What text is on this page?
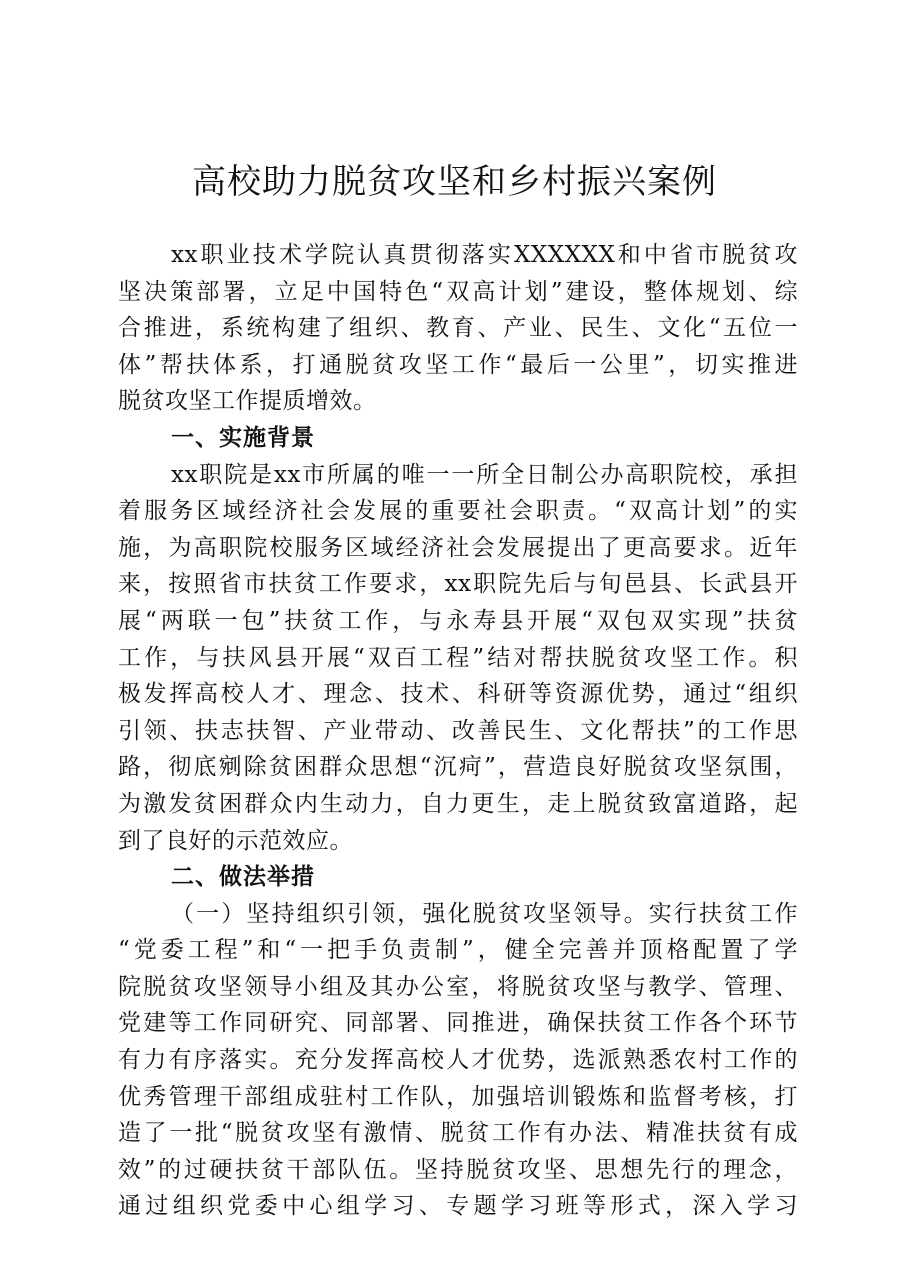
高校助力脱贫攻坚和乡村振兴案例
xx职业技术学院认真贯彻落实XXXXXX和中省市脱贫攻
坚决策部署，立足中国特色“双高计划”建设，整体规划、综
合推进，系统构建了组织、教育、产业、民生、文化“五位一
体”帮扶体系，打通脱贫攻坚工作“最后一公里”，切实推进
脱贫攻坚工作提质增效。
一、实施背景
xx职院是xx市所属的唯一一所全日制公办高职院校，承担
着服务区域经济社会发展的重要社会职责。“双高计划”的实
施，为高职院校服务区域经济社会发展提出了更高要求。近年
来，按照省市扶贫工作要求，xx职院先后与旬邑县、长武县开
展“两联一包”扶贫工作，与永寿县开展“双包双实现”扶贫
工作，与扶风县开展“双百工程”结对帮扶脱贫攻坚工作。积
极发挥高校人才、理念、技术、科研等资源优势，通过“组织
引领、扶志扶智、产业带动、改善民生、文化帮扶”的工作思
路，彻底剜除贫困群众思想“沉疴”，营造良好脱贫攻坚氛围，
为激发贫困群众内生动力，自力更生，走上脱贫致富道路，起
到了良好的示范效应。
二、做法举措
（一）坚持组织引领，强化脱贫攻坚领导。实行扶贫工作
“党委工程”和“一把手负责制”，健全完善并顶格配置了学
院脱贫攻坚领导小组及其办公室，将脱贫攻坚与教学、管理、
党建等工作同研究、同部署、同推进，确保扶贫工作各个环节
有力有序落实。充分发挥高校人才优势，选派熟悉农村工作的
优秀管理干部组成驻村工作队，加强培训锻炼和监督考核，打
造了一批“脱贫攻坚有激情、脱贫工作有办法、精准扶贫有成
效”的过硬扶贫干部队伍。坚持脱贫攻坚、思想先行的理念，
通过组织党委中心组学习、专题学习班等形式，深入学习
